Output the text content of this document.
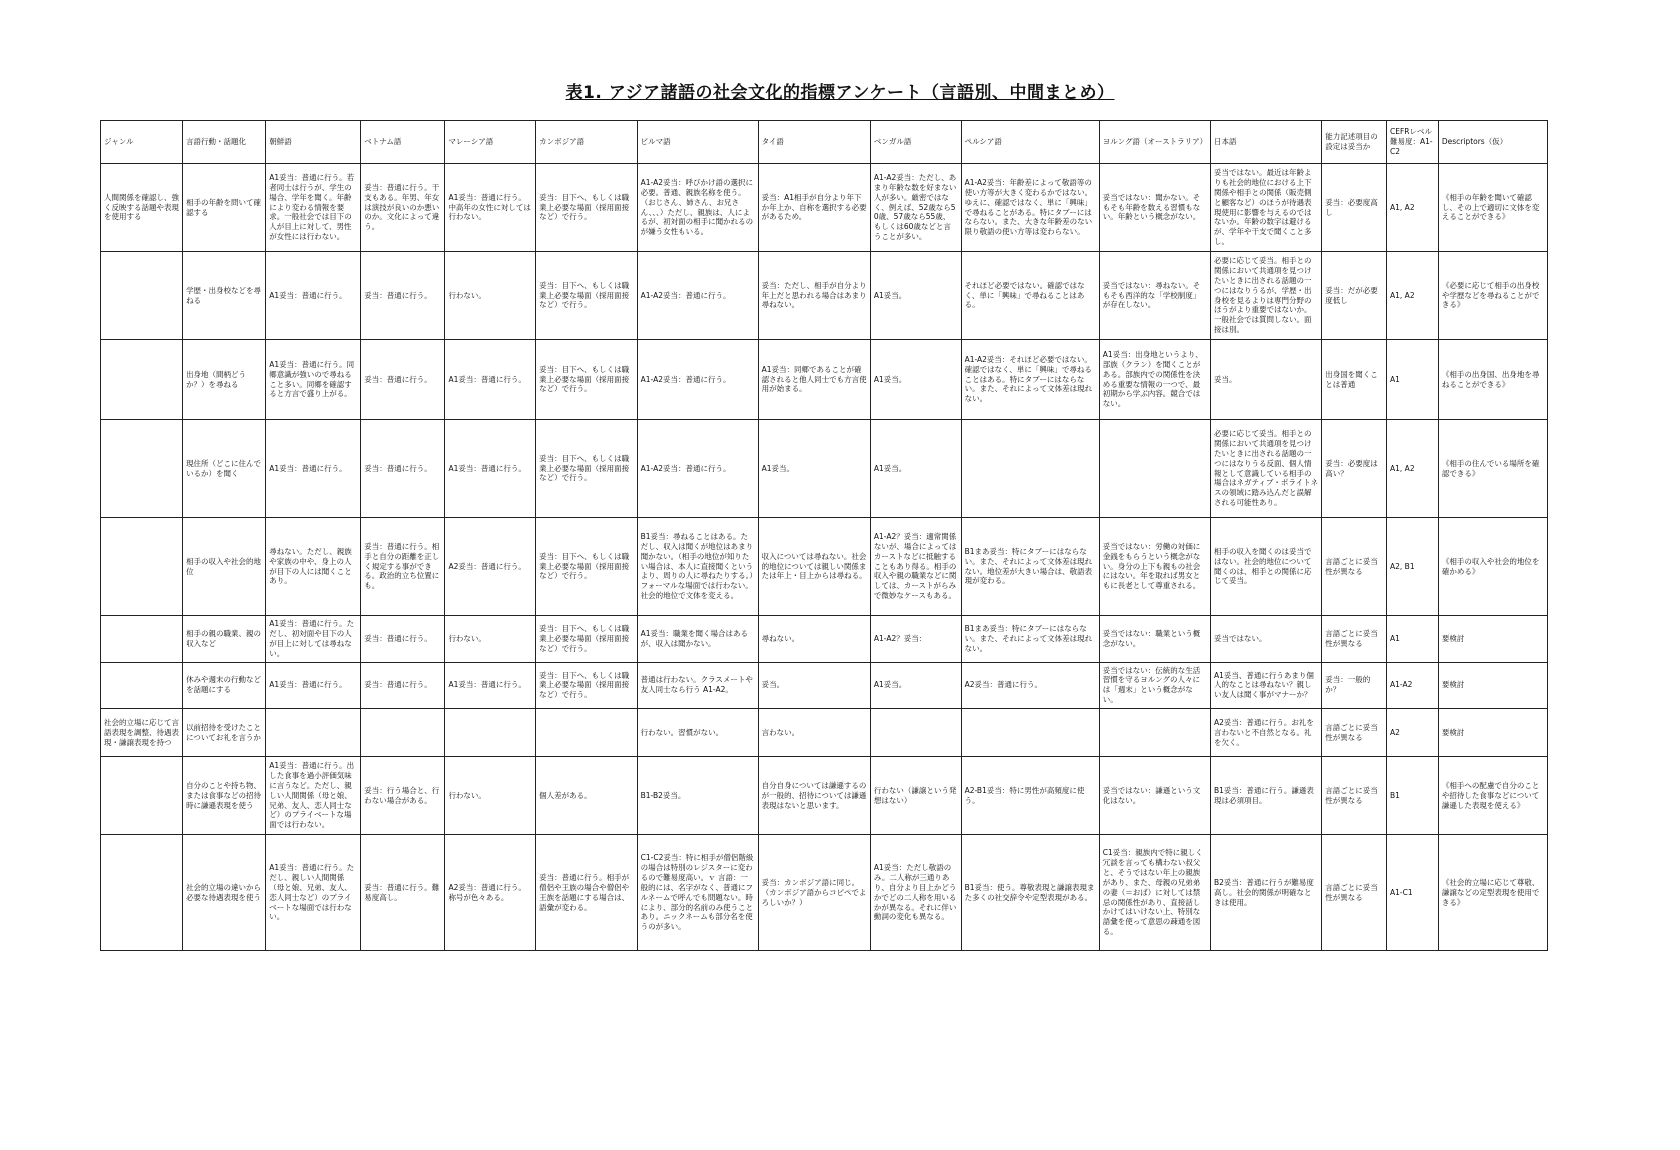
表1. アジア諸語の社会文化的指標アンケート（言語別、中間まとめ）
ジャンル	言語行動・話題化	朝鮮語	ベトナム語	マレーシア語	カンボジア語	ビルマ語	タイ語	ベンガル語	ペルシア語	ヨルング語（オーストラリア）	日本語	能力記述項目の設定は妥当か	CEFRレベル難易度：A1-C2	Descriptors（仮）
人間関係を確認し、強く反映する話題や表現を使用する	相手の年齢を問いて確認する	A1妥当：普通に行う。若者同士は行うが、学生の場合、学年を聞く。年齢により変わる情報を要求。一般社会では目下の人が目上に対して、男性が女性には行わない。	妥当：普通に行う。干支もある。年男、年女は演技が良いのか悪いのか。文化によって違う。	A1妥当：普通に行う。中高年の女性に対しては行わない。	妥当：目下へ、もしくは職業上必要な場面（採用面接など）で行う。	A1-A2妥当：呼びかけ語の選択に必要。普通、親族名称を使う。（おじさん、姉さん、お兄さん、、、）ただし、親族は、人によるが、初対面の相手に聞かれるのが嫌う女性もいる。	妥当：A1相手が自分より年下か年上か、自称を選択する必要があるため。	A1-A2妥当：ただし、あまり年齢な数を好まない人が多い。厳密ではなく、例えば、52歳なら50歳、57歳なら55歳、もしくは60歳などと言うことが多い。	A1-A2妥当：年齢差によって敬語等の使い方等が大きく変わるかではない。ゆえに、確認ではなく、単に「興味」で尋ねることがある。特にタブーにはならない。また、大きな年齢差のない限り敬語の使い方等は変わらない。	妥当ではない：聞かない。そもそも年齢を数える習慣もない。年齢という概念がない。	妥当ではない。最近は年齢よりも社会的地位における上下関係や相手との関係（販売側と顧客など）のほうが待遇表現使用に影響を与えるのではないか。年齢の数字は避けるが、学年や干支で聞くこと多し。	妥当：必要度高し	A1, A2	《相手の年齢を聞いて確認し、その上で適切に文体を変えることができる》
	学歴・出身校などを尋ねる	A1妥当：普通に行う。	妥当：普通に行う。	行わない。	妥当：目下へ、もしくは職業上必要な場面（採用面接など）で行う。	A1-A2妥当：普通に行う。	妥当：ただし、相手が自分より年上だと思われる場合はあまり尋ねない。	A1妥当。	それほど必要ではない。確認ではなく、単に「興味」で尋ねることはある。	妥当ではない：尋ねない。そもそも西洋的な「学校制度」が存在しない。	必要に応じて妥当。相手との関係において共通項を見つけたいときに出される話題の一つにはなりうるが、学歴・出身校を見るよりは専門分野のほうがより重要ではないか。一般社会では質問しない。面接は別。	妥当：だが必要度低し	A1, A2	《必要に応じて相手の出身校や学歴などを尋ねることができる》
	出身地（間柄どうか？）を尋ねる	A1妥当：普通に行う。同郷意識が強いので尋ねること多い。同郷を確認すると方言で盛り上がる。	妥当：普通に行う。	A1妥当：普通に行う。	妥当：目下へ、もしくは職業上必要な場面（採用面接など）で行う。	A1-A2妥当：普通に行う。	A1妥当：同郷であることが確認されると他人同士でも方言使用が始まる。	A1妥当。	A1-A2妥当：それほど必要ではない。確認ではなく、単に「興味」で尋ねることはある。特にタブーにはならない。また、それによって文体差は現れない。	A1妥当：出身地というより、部族（クラン）を聞くことがある。部族内での関係性を決める重要な情報の一つで、最初期から学ぶ内容。競合ではない。	妥当。	出身国を聞くことは普通	A1	《相手の出身国、出身地を尋ねることができる》
	現住所（どこに住んでいるか）を聞く	A1妥当：普通に行う。	妥当：普通に行う。	A1妥当：普通に行う。	妥当：目下へ、もしくは職業上必要な場面（採用面接など）で行う。	A1-A2妥当：普通に行う。	A1妥当。	A1妥当。			必要に応じて妥当。相手との関係において共通項を見つけたいときに出される話題の一つにはなりうる反面、個人情報として意識している相手の場合はネガティブ・ポライトネスの領域に踏み込んだと誤解される可能性あり。	妥当：必要度は高い？	A1, A2	《相手の住んでいる場所を確認できる》
	相手の収入や社会的地位	尋ねない。ただし、親族や家族の中や、身上の人が目下の人には聞くことあり。	妥当：普通に行う。相手と自分の距離を正しく規定する事ができる。政治的立ち位置にも。	A2妥当：普通に行う。	妥当：目下へ、もしくは職業上必要な場面（採用面接など）で行う。	B1妥当：尋ねることはある。ただし、収入は聞くが地位はあまり聞かない。（相手の地位が知りたい場合は、本人に直接聞くというより、周りの人に尋ねたりする。）フォーマルな場面では行わない。社会的地位で文体を変える。	収入については尋ねない。社会的地位については親しい関係または年上・目上からは尋ねる。	A1-A2？妥当：適常関係ないが、場合によってはカーストなどに抵触することもあり得る。相手の収入や親の職業などに関しては、カーストがらみで微妙なケースもある。	B1まあ妥当：特にタブーにはならない。また、それによって文体差は現れない。地位差が大きい場合は、敬語表現が変わる。	妥当ではない：労働の対価に金銭をもらうという概念がない。身分の上下も親もの社会にはない。年を取れば男女ともに長老として尊重される。	相手の収入を聞くのは妥当ではない。社会的地位について聞くのは、相手との関係に応じて妥当。	言語ごとに妥当性が異なる	A2, B1	《相手の収入や社会的地位を確かめる》
	相手の親の職業、親の収入など	A1妥当：普通に行う。ただし、初対面や目下の人が目上に対しては尋ねない。	妥当：普通に行う。	行わない。	妥当：目下へ、もしくは職業上必要な場面（採用面接など）で行う。	A1妥当：職業を聞く場合はあるが、収入は聞かない。	尋ねない。	A1-A2？妥当：	B1まあ妥当：特にタブーにはならない。また、それによって文体差は現れない。	妥当ではない：職業という概念がない。	妥当ではない。	言語ごとに妥当性が異なる	A1	要検討
	休みや週末の行動などを話題にする	A1妥当：普通に行う。	妥当：普通に行う。	A1妥当：普通に行う。	妥当：目下へ、もしくは職業上必要な場面（採用面接など）で行う。	普通は行わない。クラスメートや友人同士なら行う A1-A2。	妥当。	A1妥当。	A2妥当：普通に行う。	妥当ではない：伝統的な生活習慣を守るヨルングの人々には「週末」という概念がない。	A1妥当、普通に行うあまり個人的なことは尋ねない？親しい友人は聞く事がマナーか？	妥当：一般的か？	A1-A2	要検討
社会的立場に応じて言語表現を調整、待遇表現・謙譲表現を持つ	以前招待を受けたことについてお礼を言うか					行わない。習慣がない。	言わない。				A2妥当：普通に行う。お礼を言わないと不自然となる。礼を欠く。	言語ごとに妥当性が異なる	A2	要検討
	自分のことや持ち物、または食事などの招待時に謙遜表現を使う	A1妥当：普通に行う。出した食事を過小評価気味に言うなど。ただし、親しい人間関係（母と娘、兄弟、友人、恋人同士など）のプライベートな場面では行わない。	妥当：行う場合と、行わない場合がある。	行わない。	個人差がある。	B1-B2妥当。	自分自身については謙遜するのが一般的、招待については謙遜表現はないと思います。	行わない（謙譲という発想はない）	A2-B1妥当：特に男性が高頻度に使う。	妥当ではない：謙遜という文化はない。	B1妥当：普通に行う。謙遜表現は必須項目。	言語ごとに妥当性が異なる	B1	《相手への配慮で自分のことや招待した食事などについて謙遜した表現を使える》
	社会的立場の違いから必要な待遇表現を使う	A1妥当：普通に行う。ただし、親しい人間関係（母と娘、兄弟、友人、恋人同士など）のプライベートな場面では行わない。	妥当：普通に行う。難易度高し。	A2妥当：普通に行う。称号が色々ある。	妥当：普通に行う。相手が僧侶や王族の場合や僧侶や王族を話題にする場合は、語彙が変わる。	C1-C2妥当：特に相手が僧侶階級の場合は特別のレジスターに変わるので難易度高い。ｖ 言語：一般的には、名字がなく、普通にフルネームで呼んでも問題ない。時により、部分的名前のみ使うことあり。ニックネームも部分名を使うのが多い。	妥当：カンボジア語に同じ。（カンボジア語からコピペでよろしいか？）	A1妥当：ただし敬語のみ。二人称が三通りあり、自分より目上かどうかでどの二人称を用いるかが異なる。それに伴い動詞の変化も異なる。	B1妥当：使う。尊敬表現と謙譲表現また多くの社交辞令や定型表現がある。	C1妥当：親族内で特に親しく冗談を言っても構わない叔父と、そうではない年上の親族があり、また、母親の兄弟弟の妻（＝おば）に対しては禁忌の関係性があり、直接話しかけてはいけない上、特別な語彙を使って意思の疎通を図る。	B2妥当：普通に行うが難易度高し。社会的関係が明確なときは使用。	言語ごとに妥当性が異なる	A1-C1	《社会的立場に応じて尊敬、謙譲などの定型表現を使用できる》
